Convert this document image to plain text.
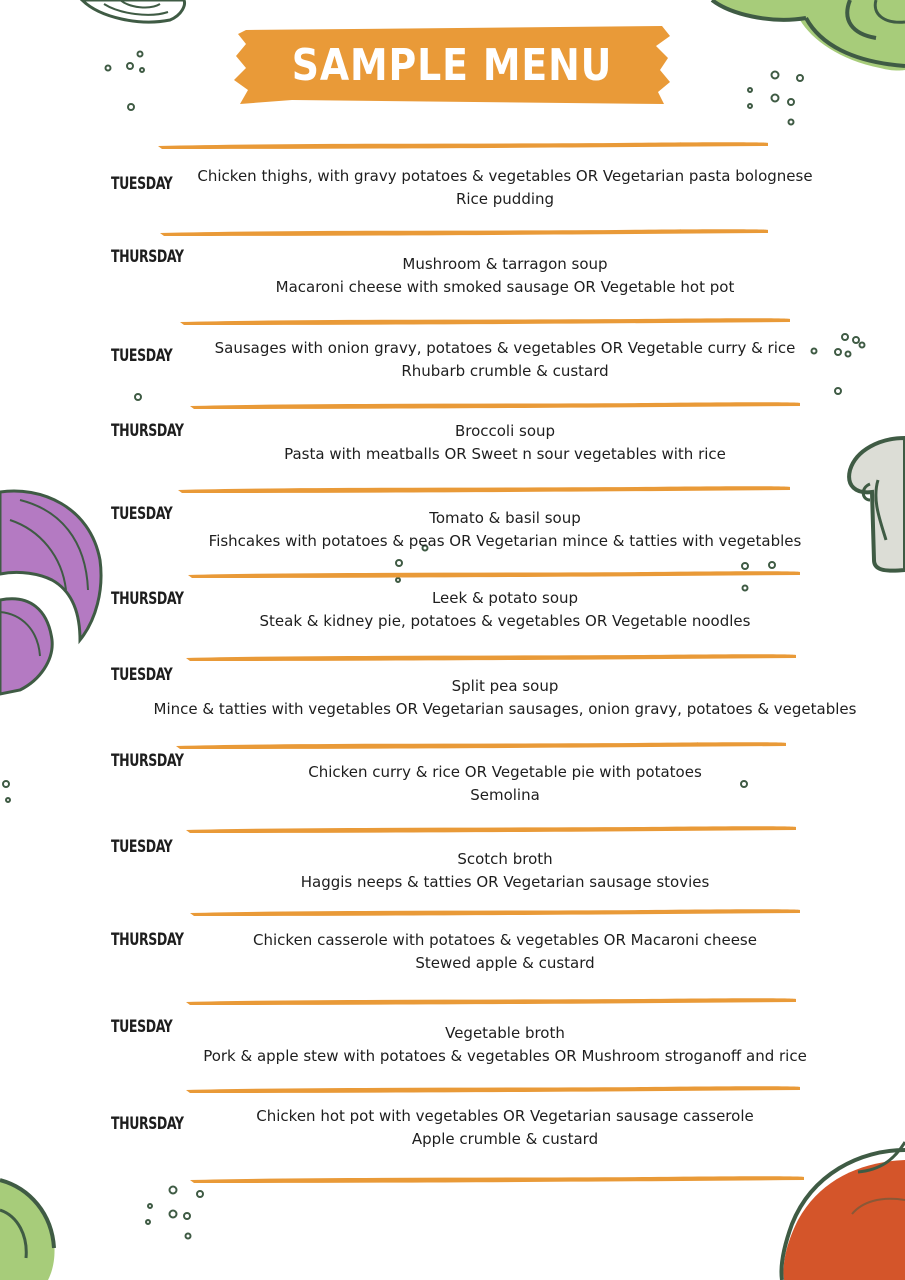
SAMPLE MENU
TUESDAY	Chicken thighs, with gravy potatoes & vegetables OR Vegetarian pasta bolognese
Rice pudding
THURSDAY	Mushroom & tarragon soup
Macaroni cheese with smoked sausage OR Vegetable hot pot
TUESDAY	Sausages with onion gravy, potatoes & vegetables OR Vegetable curry & rice
Rhubarb crumble & custard
THURSDAY	Broccoli soup
Pasta with meatballs OR Sweet n sour vegetables with rice
TUESDAY	Tomato & basil soup
Fishcakes with potatoes & peas OR Vegetarian mince & tatties with vegetables
THURSDAY	Leek & potato soup
Steak & kidney pie, potatoes & vegetables OR Vegetable noodles
TUESDAY
Split pea soup
Mince & tatties with vegetables OR Vegetarian sausages, onion gravy, potatoes & vegetables
THURSDAY
Chicken curry & rice OR Vegetable pie with potatoes
Semolina
TUESDAY
Scotch broth
Haggis neeps & tatties OR Vegetarian sausage stovies
THURSDAY	Chicken casserole with potatoes & vegetables OR Macaroni cheese
Stewed apple & custard
TUESDAY	Vegetable broth
Pork & apple stew with potatoes & vegetables OR Mushroom stroganoff and rice
THURSDAY	Chicken hot pot with vegetables OR Vegetarian sausage casserole
Apple crumble & custard
